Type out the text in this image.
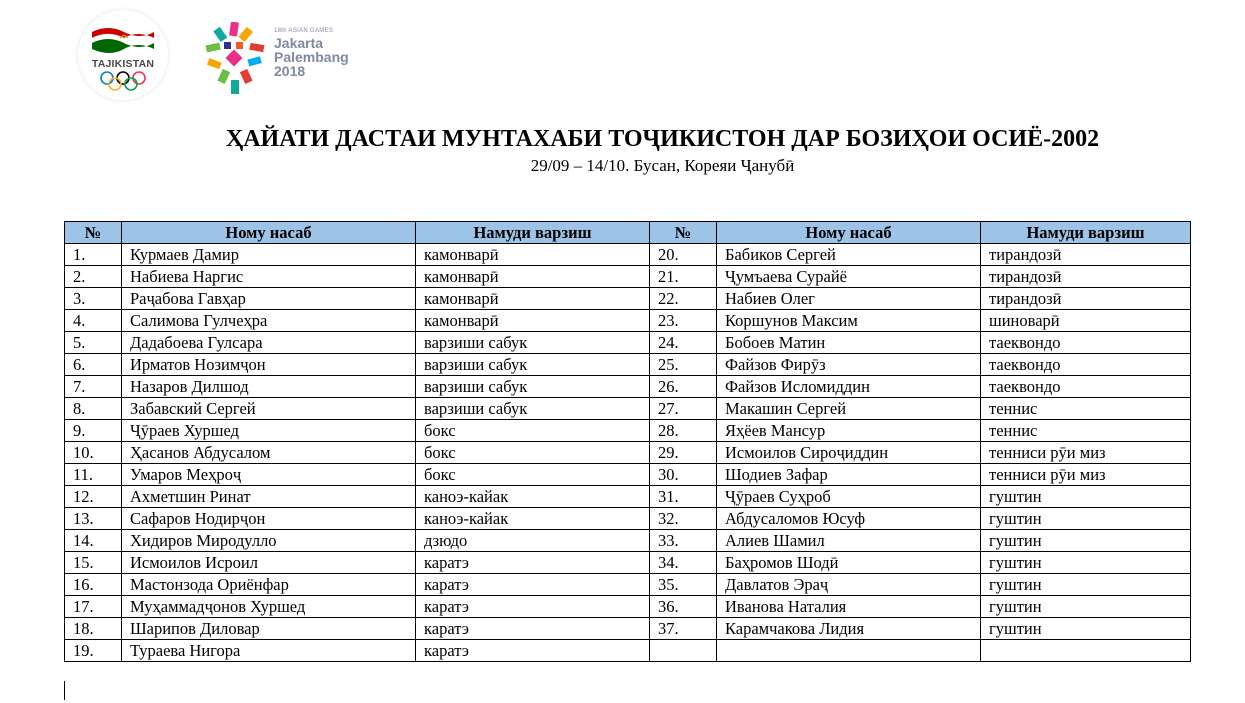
TAJIKISTAN
18th ASIAN GAMES
Jakarta
Palembang
2018
ҲАЙАТИ ДАСТАИ МУНТАХАБИ ТОҶИКИСТОН ДАР БОЗИҲОИ ОСИЁ-2002
29/09 – 14/10. Бусан, Кореяи Ҷанубӣ
№	Ному насаб	Намуди варзиш	№	Ному насаб	Намуди варзиш
1.	Курмаев Дамир	камонварӣ	20.	Бабиков Сергей	тирандозӣ
2.	Набиева Наргис	камонварӣ	21.	Ҷумъаева Сурайё	тирандозӣ
3.	Раҷабова Гавҳар	камонварӣ	22.	Набиев Олег	тирандозӣ
4.	Салимова Гулчеҳра	камонварӣ	23.	Коршунов Максим	шиноварӣ
5.	Дадабоева Гулсара	варзиши сабук	24.	Бобоев Матин	таеквондо
6.	Ирматов Нозимҷон	варзиши сабук	25.	Файзов Фирӯз	таеквондо
7.	Назаров Дилшод	варзиши сабук	26.	Файзов Исломиддин	таеквондо
8.	Забавский Сергей	варзиши сабук	27.	Макашин Сергей	теннис
9.	Ҷӯраев Хуршед	бокс	28.	Яҳёев Мансур	теннис
10.	Ҳасанов Абдусалом	бокс	29.	Исмоилов Сироҷиддин	тенниси рӯи миз
11.	Умаров Меҳроҷ	бокс	30.	Шодиев Зафар	тенниси рӯи миз
12.	Ахметшин Ринат	каноэ-кайак	31.	Ҷӯраев Суҳроб	гуштин
13.	Сафаров Нодирҷон	каноэ-кайак	32.	Абдусаломов Юсуф	гуштин
14.	Хидиров Миродулло	дзюдо	33.	Алиев Шамил	гуштин
15.	Исмоилов Исроил	каратэ	34.	Баҳромов Шодӣ	гуштин
16.	Мастонзода Ориёнфар	каратэ	35.	Давлатов Эраҷ	гуштин
17.	Муҳаммадҷонов Хуршед	каратэ	36.	Иванова Наталия	гуштин
18.	Шарипов Диловар	каратэ	37.	Карамчакова Лидия	гуштин
19.	Тураева Нигора	каратэ			
